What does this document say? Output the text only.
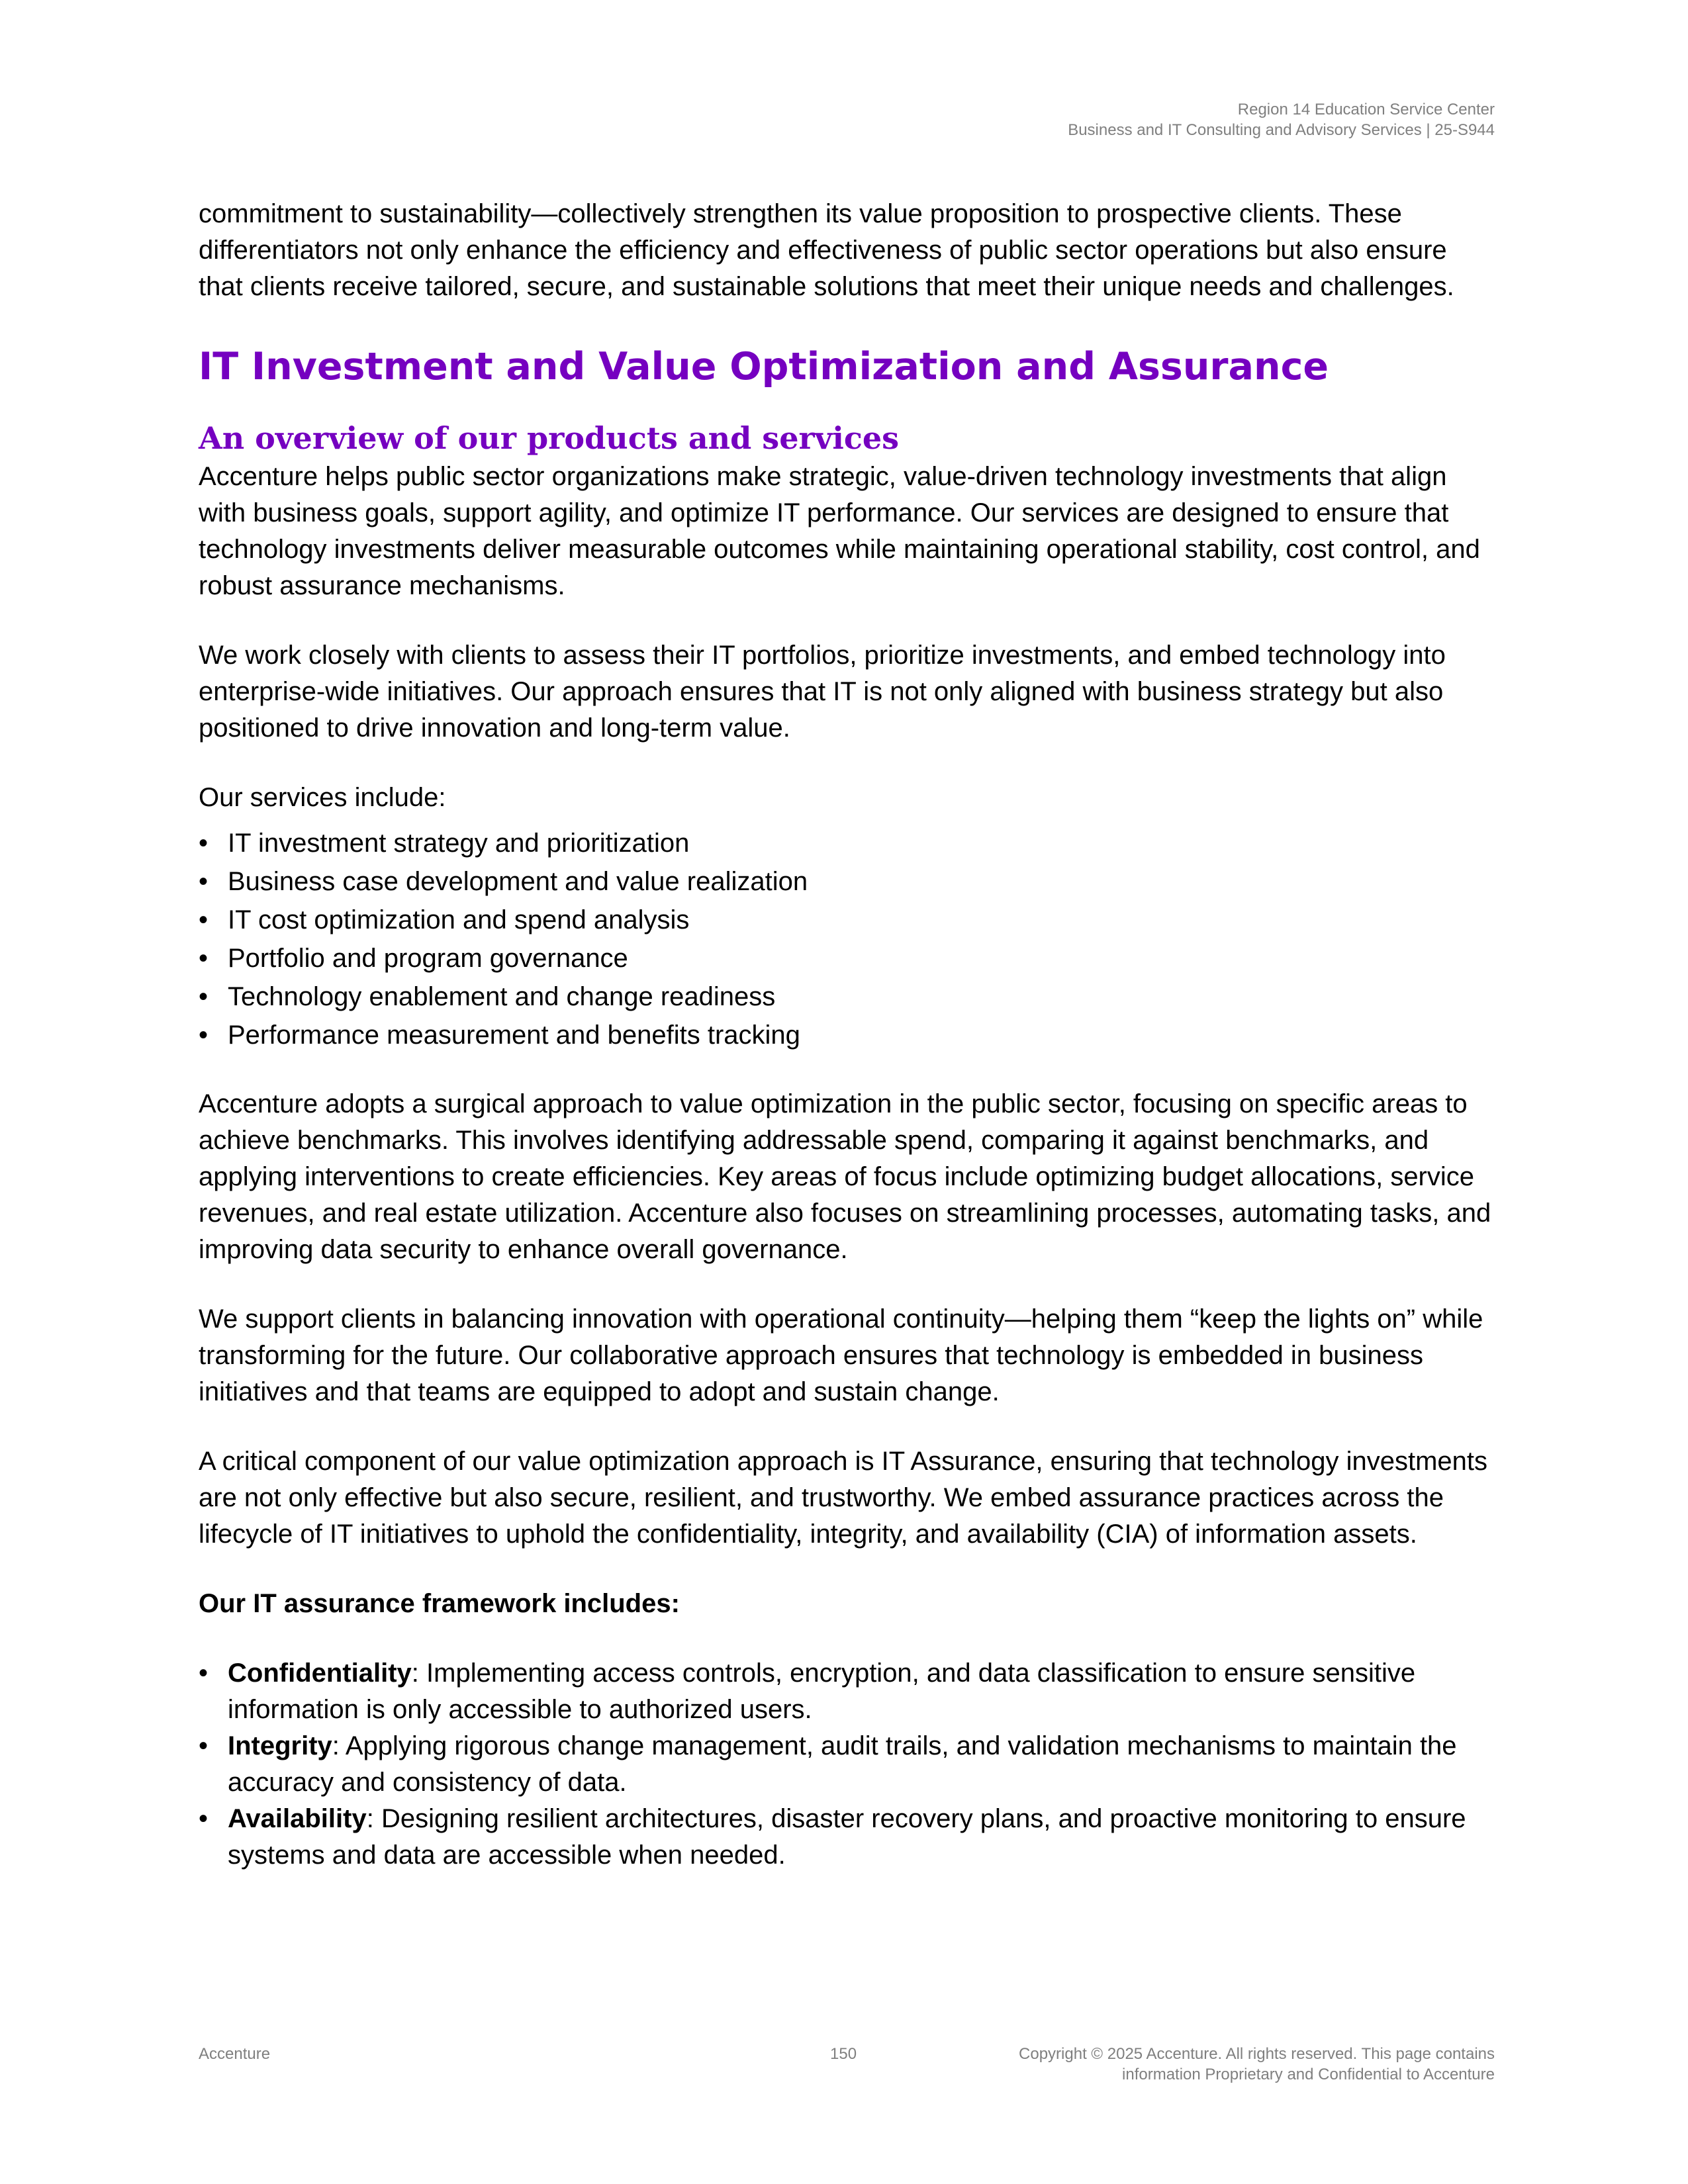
Region 14 Education Service Center
Business and IT Consulting and Advisory Services | 25-S944

commitment to sustainability—collectively strengthen its value proposition to prospective clients. These differentiators not only enhance the efficiency and effectiveness of public sector operations but also ensure that clients receive tailored, secure, and sustainable solutions that meet their unique needs and challenges.

IT Investment and Value Optimization and Assurance
An overview of our products and services

Accenture helps public sector organizations make strategic, value-driven technology investments that align with business goals, support agility, and optimize IT performance. Our services are designed to ensure that technology investments deliver measurable outcomes while maintaining operational stability, cost control, and robust assurance mechanisms.

We work closely with clients to assess their IT portfolios, prioritize investments, and embed technology into enterprise-wide initiatives. Our approach ensures that IT is not only aligned with business strategy but also positioned to drive innovation and long-term value.

Our services include:

• IT investment strategy and prioritization
• Business case development and value realization
• IT cost optimization and spend analysis
• Portfolio and program governance
• Technology enablement and change readiness
• Performance measurement and benefits tracking

Accenture adopts a surgical approach to value optimization in the public sector, focusing on specific areas to achieve benchmarks. This involves identifying addressable spend, comparing it against benchmarks, and applying interventions to create efficiencies. Key areas of focus include optimizing budget allocations, service revenues, and real estate utilization. Accenture also focuses on streamlining processes, automating tasks, and improving data security to enhance overall governance.

We support clients in balancing innovation with operational continuity—helping them “keep the lights on” while transforming for the future. Our collaborative approach ensures that technology is embedded in business initiatives and that teams are equipped to adopt and sustain change.

A critical component of our value optimization approach is IT Assurance, ensuring that technology investments are not only effective but also secure, resilient, and trustworthy. We embed assurance practices across the lifecycle of IT initiatives to uphold the confidentiality, integrity, and availability (CIA) of information assets.

Our IT assurance framework includes:

• Confidentiality: Implementing access controls, encryption, and data classification to ensure sensitive information is only accessible to authorized users.
• Integrity: Applying rigorous change management, audit trails, and validation mechanisms to maintain the accuracy and consistency of data.
• Availability: Designing resilient architectures, disaster recovery plans, and proactive monitoring to ensure systems and data are accessible when needed.
Accenture	150	Copyright © 2025 Accenture. All rights reserved. This page contains
information Proprietary and Confidential to Accenture
